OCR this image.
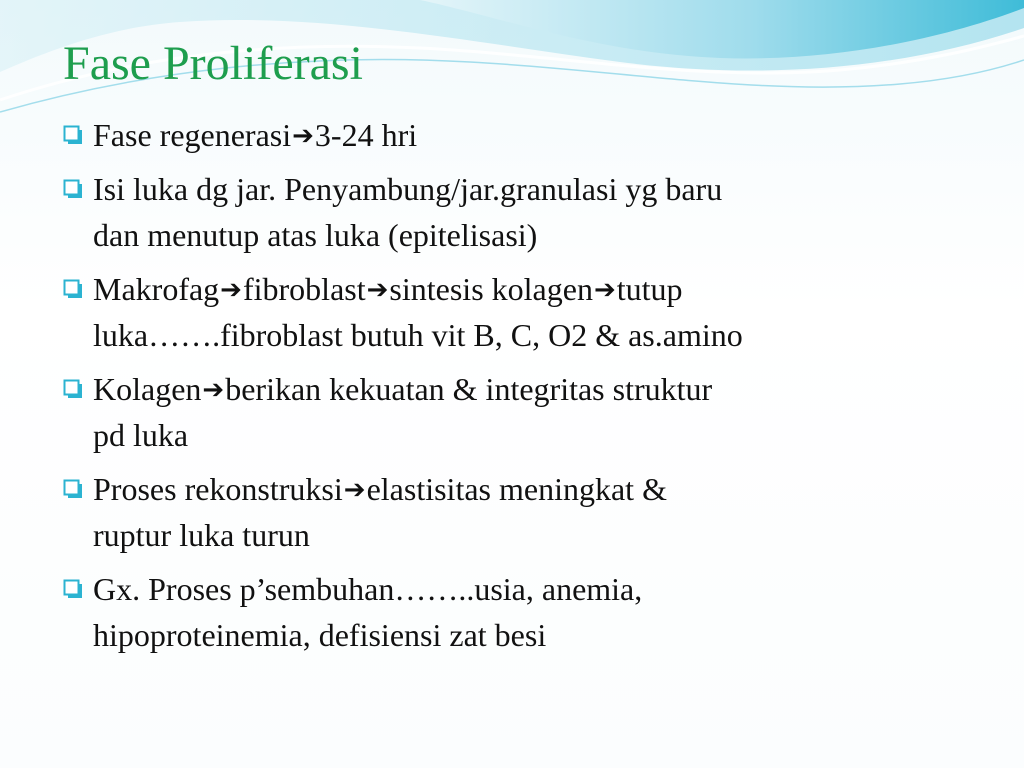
Fase Proliferasi
Fase regenerasi➔3-24 hri
Isi luka dg jar. Penyambung/jar.granulasi yg baru
dan menutup atas luka (epitelisasi)
Makrofag➔fibroblast➔sintesis kolagen➔tutup
luka…….fibroblast butuh vit B, C, O2 & as.amino
Kolagen➔berikan kekuatan & integritas struktur
pd luka
Proses rekonstruksi➔elastisitas meningkat &
ruptur luka turun
Gx. Proses p’sembuhan……..usia, anemia,
hipoproteinemia, defisiensi zat besi
